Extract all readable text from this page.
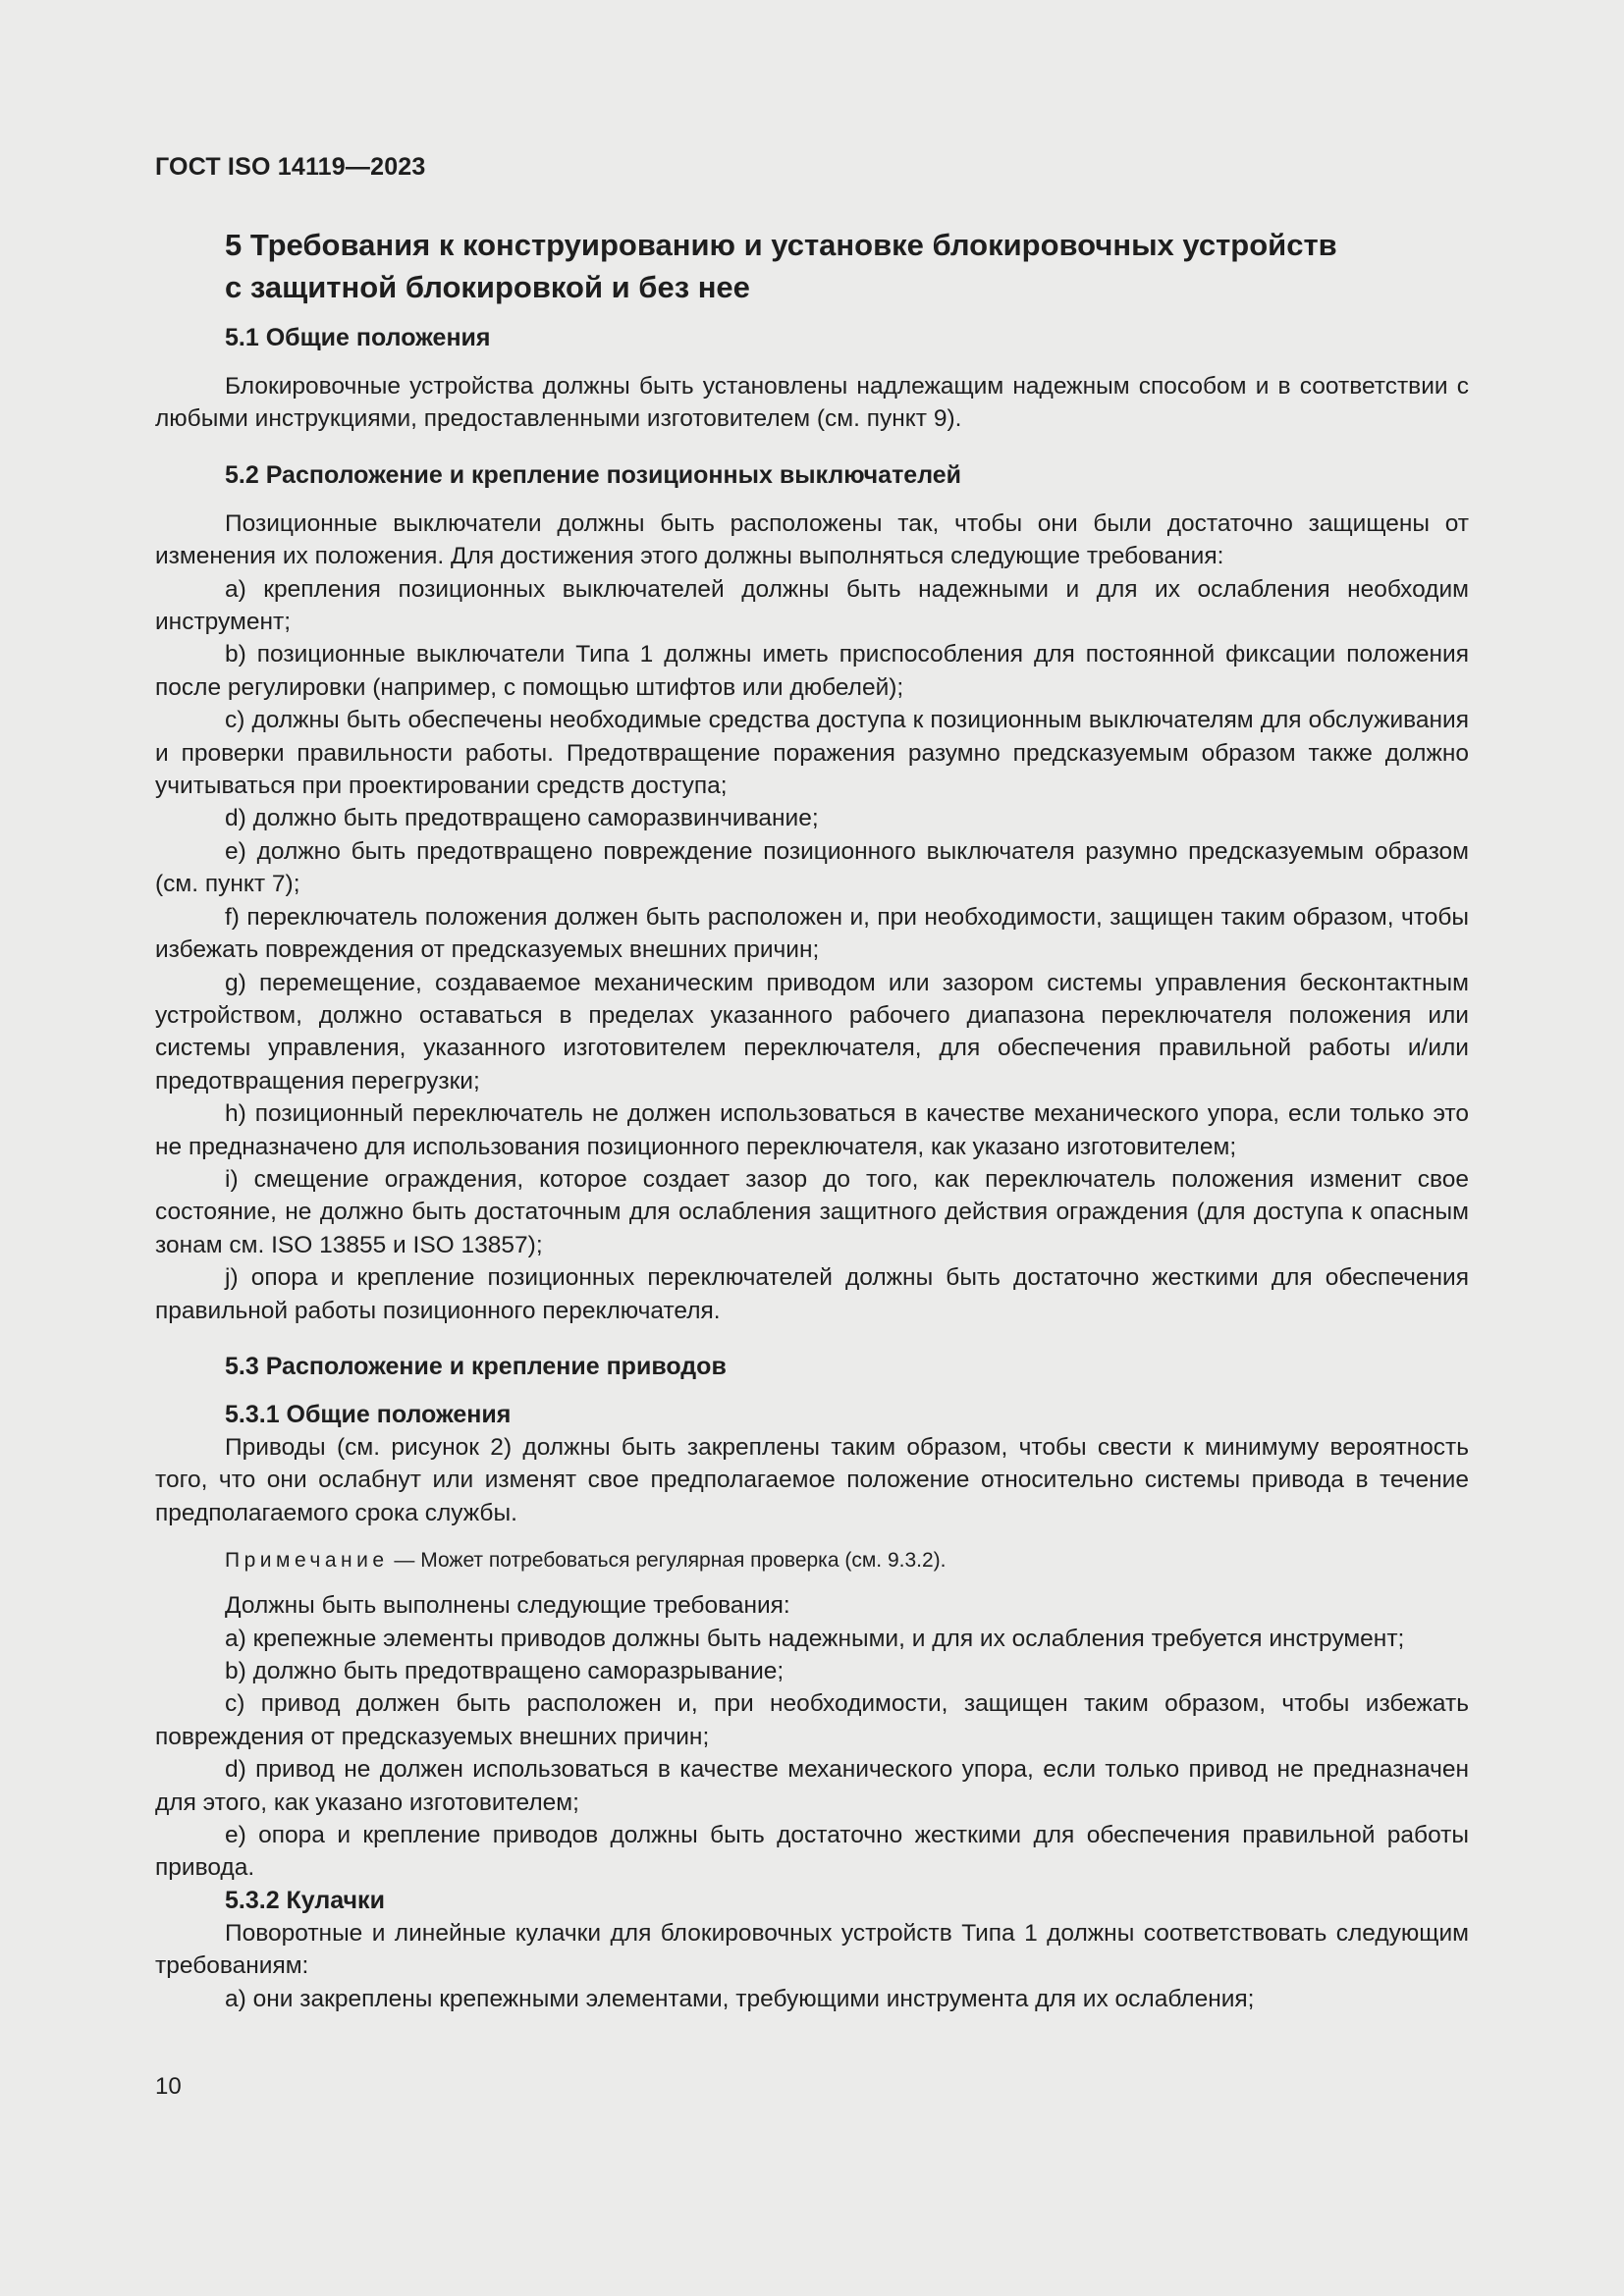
ГОСТ ISO 14119—2023
5 Требования к конструированию и установке блокировочных устройств
с защитной блокировкой и без нее
5.1 Общие положения

Блокировочные устройства должны быть установлены надлежащим надежным способом и в соответствии с любыми инструкциями, предоставленными изготовителем (см. пункт 9).

5.2 Расположение и крепление позиционных выключателей

Позиционные выключатели должны быть расположены так, чтобы они были достаточно защищены от изменения их положения. Для достижения этого должны выполняться следующие требования:

a) крепления позиционных выключателей должны быть надежными и для их ослабления необходим инструмент;

b) позиционные выключатели Типа 1 должны иметь приспособления для постоянной фиксации положения после регулировки (например, с помощью штифтов или дюбелей);

c) должны быть обеспечены необходимые средства доступа к позиционным выключателям для обслуживания и проверки правильности работы. Предотвращение поражения разумно предсказуемым образом также должно учитываться при проектировании средств доступа;

d) должно быть предотвращено саморазвинчивание;

e) должно быть предотвращено повреждение позиционного выключателя разумно предсказуемым образом (см. пункт 7);

f) переключатель положения должен быть расположен и, при необходимости, защищен таким образом, чтобы избежать повреждения от предсказуемых внешних причин;

g) перемещение, создаваемое механическим приводом или зазором системы управления бесконтактным устройством, должно оставаться в пределах указанного рабочего диапазона переключателя положения или системы управления, указанного изготовителем переключателя, для обеспечения правильной работы и/или предотвращения перегрузки;

h) позиционный переключатель не должен использоваться в качестве механического упора, если только это не предназначено для использования позиционного переключателя, как указано изготовителем;

i) смещение ограждения, которое создает зазор до того, как переключатель положения изменит свое состояние, не должно быть достаточным для ослабления защитного действия ограждения (для доступа к опасным зонам см. ISO 13855 и ISO 13857);

j) опора и крепление позиционных переключателей должны быть достаточно жесткими для обеспечения правильной работы позиционного переключателя.

5.3 Расположение и крепление приводов
5.3.1 Общие положения

Приводы (см. рисунок 2) должны быть закреплены таким образом, чтобы свести к минимуму вероятность того, что они ослабнут или изменят свое предполагаемое положение относительно системы привода в течение предполагаемого срока службы.

Примечание — Может потребоваться регулярная проверка (см. 9.3.2).

Должны быть выполнены следующие требования:

a) крепежные элементы приводов должны быть надежными, и для их ослабления требуется инструмент;

b) должно быть предотвращено саморазрывание;

c) привод должен быть расположен и, при необходимости, защищен таким образом, чтобы избежать повреждения от предсказуемых внешних причин;

d) привод не должен использоваться в качестве механического упора, если только привод не предназначен для этого, как указано изготовителем;

e) опора и крепление приводов должны быть достаточно жесткими для обеспечения правильной работы привода.

5.3.2 Кулачки

Поворотные и линейные кулачки для блокировочных устройств Типа 1 должны соответствовать следующим требованиям:

a) они закреплены крепежными элементами, требующими инструмента для их ослабления;

10
